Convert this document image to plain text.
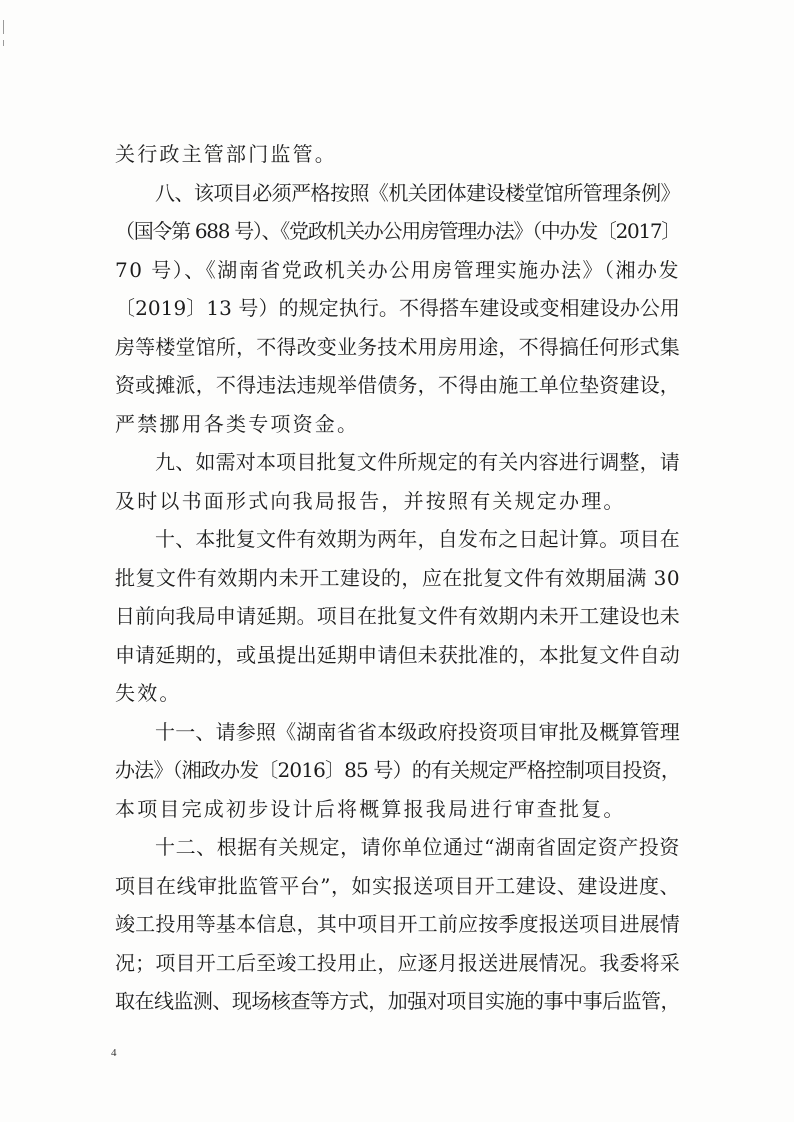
关行政主管部门监管。
八、该项目必须严格按照《机关团体建设楼堂馆所管理条例》
（国令第 688 号）、《党政机关办公用房管理办法》（中办发〔2017〕
70 号）、《湖南省党政机关办公用房管理实施办法》（湘办发
〔2019〕13 号）的规定执行。不得搭车建设或变相建设办公用
房等楼堂馆所，不得改变业务技术用房用途，不得搞任何形式集
资或摊派，不得违法违规举借债务，不得由施工单位垫资建设，
严禁挪用各类专项资金。
九、如需对本项目批复文件所规定的有关内容进行调整，请
及时以书面形式向我局报告，并按照有关规定办理。
十、本批复文件有效期为两年，自发布之日起计算。项目在
批复文件有效期内未开工建设的，应在批复文件有效期届满 30
日前向我局申请延期。项目在批复文件有效期内未开工建设也未
申请延期的，或虽提出延期申请但未获批准的，本批复文件自动
失效。
十一、请参照《湖南省省本级政府投资项目审批及概算管理
办法》（湘政办发〔2016〕85 号）的有关规定严格控制项目投资，
本项目完成初步设计后将概算报我局进行审查批复。
十二、根据有关规定，请你单位通过“湖南省固定资产投资
项目在线审批监管平台”，如实报送项目开工建设、建设进度、
竣工投用等基本信息，其中项目开工前应按季度报送项目进展情
况；项目开工后至竣工投用止，应逐月报送进展情况。我委将采
取在线监测、现场核查等方式，加强对项目实施的事中事后监管，
4
